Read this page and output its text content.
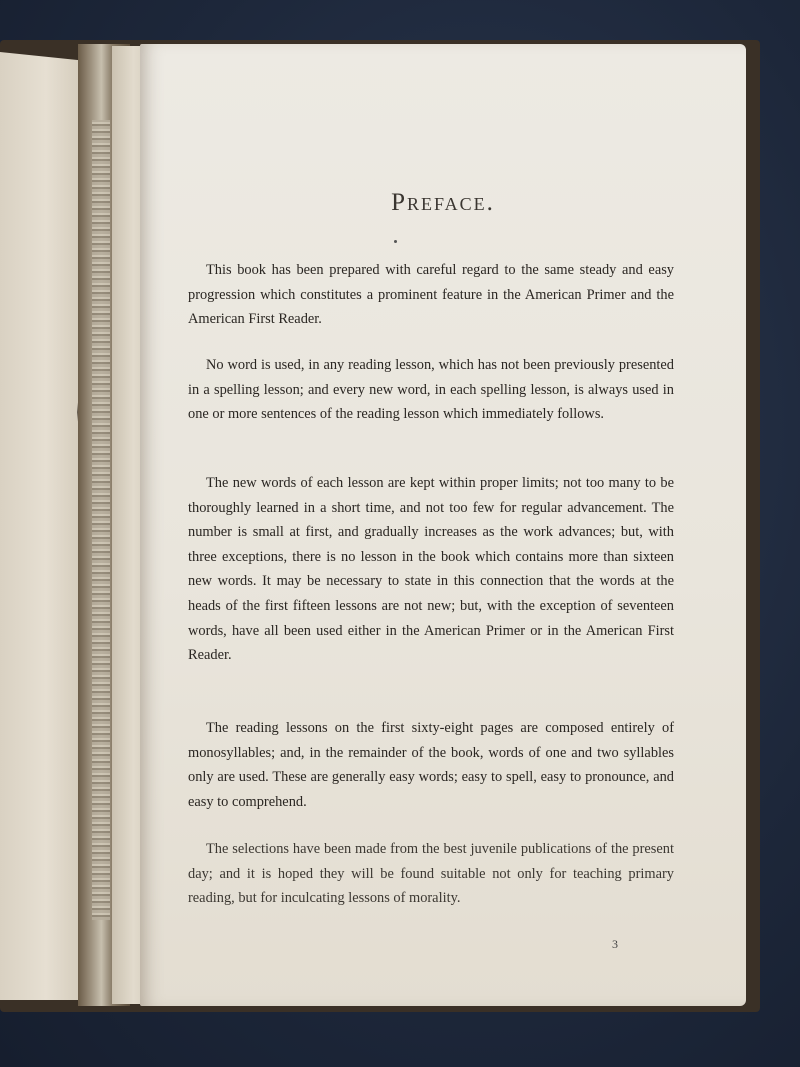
Preface.

This book has been prepared with careful regard to the same steady and easy progression which constitutes a prominent feature in the American Primer and the American First Reader.

No word is used, in any reading lesson, which has not been previously presented in a spelling lesson; and every new word, in each spelling lesson, is always used in one or more sentences of the reading lesson which immediately follows.

The new words of each lesson are kept within proper limits; not too many to be thoroughly learned in a short time, and not too few for regular advancement. The number is small at first, and gradually increases as the work advances; but, with three exceptions, there is no lesson in the book which contains more than sixteen new words. It may be necessary to state in this connection that the words at the heads of the first fifteen lessons are not new; but, with the exception of seventeen words, have all been used either in the American Primer or in the American First Reader.

The reading lessons on the first sixty-eight pages are composed entirely of monosyllables; and, in the remainder of the book, words of one and two syllables only are used. These are generally easy words; easy to spell, easy to pronounce, and easy to comprehend.

The selections have been made from the best juvenile publications of the present day; and it is hoped they will be found suitable not only for teaching primary reading, but for inculcating lessons of morality.

3
